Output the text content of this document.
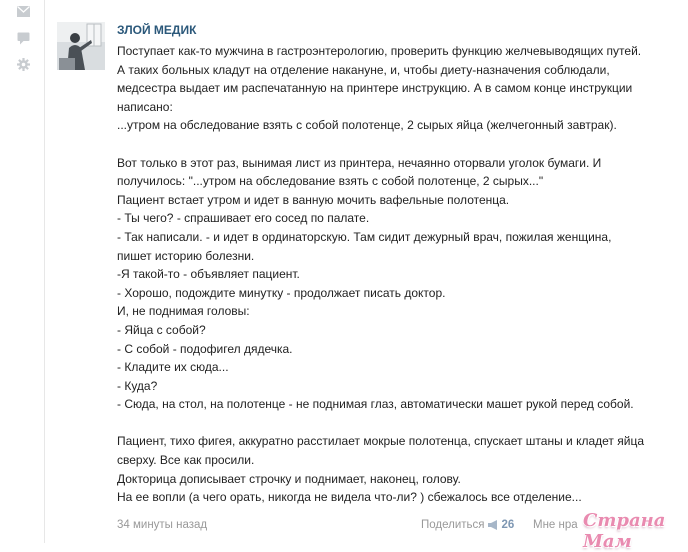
ЗЛОЙ МЕДИК
Поступает как-то мужчина в гастроэнтерологию, проверить функцию желчевыводящих путей.
А таких больных кладут на отделение накануне, и, чтобы диету-назначения соблюдали,
медсестра выдает им распечатанную на принтере инструкцию. А в самом конце инструкции
написано:
...утром на обследование взять с собой полотенце, 2 сырых яйца (желчегонный завтрак).
Вот только в этот раз, вынимая лист из принтера, нечаянно оторвали уголок бумаги. И
получилось: "...утром на обследование взять с собой полотенце, 2 сырых..."
Пациент встает утром и идет в ванную мочить вафельные полотенца.
- Ты чего? - спрашивает его сосед по палате.
- Так написали. - и идет в ординаторскую. Там сидит дежурный врач, пожилая женщина,
пишет историю болезни.
-Я такой-то - объявляет пациент.
- Хорошо, подождите минутку - продолжает писать доктор.
И, не поднимая головы:
- Яйца с собой?
- С собой - подофигел дядечка.
- Кладите их сюда...
- Куда?
- Сюда, на стол, на полотенце - не поднимая глаз, автоматически машет рукой перед собой.
Пациент, тихо фигея, аккуратно расстилает мокрые полотенца, спускает штаны и кладет яйца
сверху. Все как просили.
Докторица дописывает строчку и поднимает, наконец, голову.
На ее вопли (а чего орать, никогда не видела что-ли? ) сбежалось все отделение...
34 минуты назад	Поделиться 26 Мне нра Страна Мам
